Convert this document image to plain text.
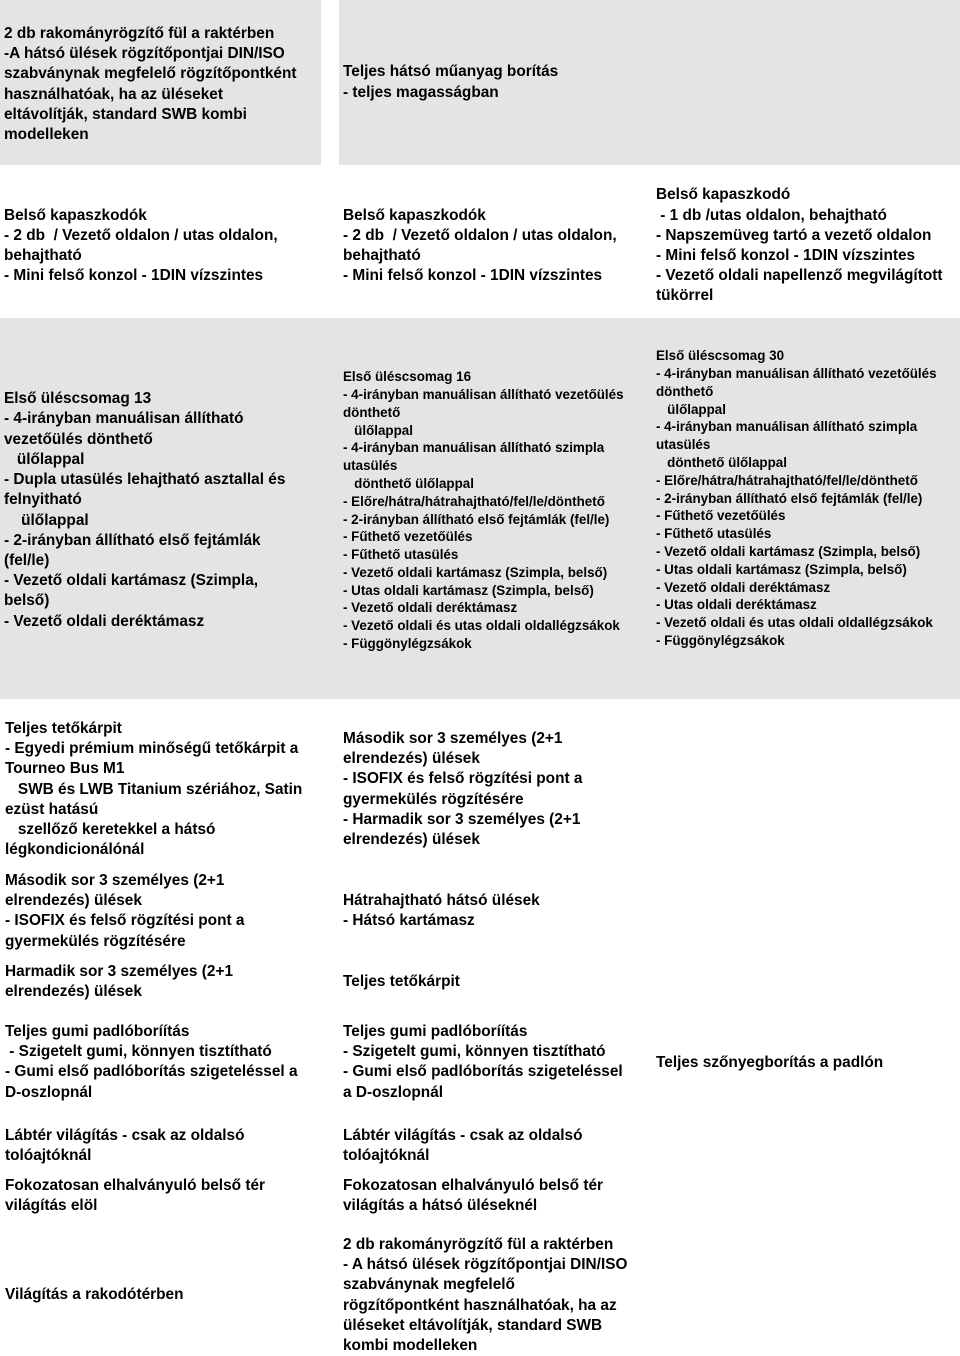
2 db rakományrögzítő fül a raktérben
-A hátsó ülések rögzítőpontjai DIN/ISO
szabványnak megfelelő rögzítőpontként
használhatóak, ha az üléseket
eltávolítják, standard SWB kombi
modelleken
Teljes hátsó műanyag borítás
- teljes magasságban
Belső kapaszkodók
- 2 db  / Vezető oldalon / utas oldalon,
behajtható
- Mini felső konzol - 1DIN vízszintes
Belső kapaszkodók
- 2 db  / Vezető oldalon / utas oldalon,
behajtható
- Mini felső konzol - 1DIN vízszintes
Belső kapaszkodó
- 1 db /utas oldalon, behajtható
- Napszemüveg tartó a vezető oldalon
- Mini felső konzol - 1DIN vízszintes
- Vezető oldali napellenző megvilágított
tükörrel
Első üléscsomag 13
- 4-irányban manuálisan állítható
vezetőülés dönthető
ülőlappal
- Dupla utasülés lehajtható asztallal és
felnyitható
ülőlappal
- 2-irányban állítható első fejtámlák
(fel/le)
- Vezető oldali kartámasz (Szimpla,
belső)
- Vezető oldali deréktámasz
Első üléscsomag 16
- 4-irányban manuálisan állítható vezetőülés
dönthető
ülőlappal
- 4-irányban manuálisan állítható szimpla
utasülés
dönthető ülőlappal
- Előre/hátra/hátrahajtható/fel/le/dönthető
- 2-irányban állítható első fejtámlák (fel/le)
- Fűthető vezetőülés
- Fűthető utasülés
- Vezető oldali kartámasz (Szimpla, belső)
- Utas oldali kartámasz (Szimpla, belső)
- Vezető oldali deréktámasz
- Vezető oldali és utas oldali oldallégzsákok
- Függönylégzsákok
Első üléscsomag 30
- 4-irányban manuálisan állítható vezetőülés
dönthető
ülőlappal
- 4-irányban manuálisan állítható szimpla
utasülés
dönthető ülőlappal
- Előre/hátra/hátrahajtható/fel/le/dönthető
- 2-irányban állítható első fejtámlák (fel/le)
- Fűthető vezetőülés
- Fűthető utasülés
- Vezető oldali kartámasz (Szimpla, belső)
- Utas oldali kartámasz (Szimpla, belső)
- Vezető oldali deréktámasz
- Utas oldali deréktámasz
- Vezető oldali és utas oldali oldallégzsákok
- Függönylégzsákok
Teljes tetőkárpit
- Egyedi prémium minőségű tetőkárpit a
Tourneo Bus M1
SWB és LWB Titanium szériához, Satin
ezüst hatású
szellőző keretekkel a hátsó
légkondicionálónál
Második sor 3 személyes (2+1
elrendezés) ülések
- ISOFIX és felső rögzítési pont a
gyermekülés rögzítésére
Harmadik sor 3 személyes (2+1
elrendezés) ülések
Teljes gumi padlóboríítás
- Szigetelt gumi, könnyen tisztítható
- Gumi első padlóborítás szigeteléssel a
D-oszlopnál
Lábtér világítás - csak az oldalsó
tolóajtóknál
Fokozatosan elhalványuló belső tér
világítás elöl
Világítás a rakodótérben
Második sor 3 személyes (2+1
elrendezés) ülések
- ISOFIX és felső rögzítési pont a
gyermekülés rögzítésére
- Harmadik sor 3 személyes (2+1
elrendezés) ülések
Hátrahajtható hátsó ülések
- Hátsó kartámasz
Teljes tetőkárpit
Teljes gumi padlóboríítás
- Szigetelt gumi, könnyen tisztítható
- Gumi első padlóborítás szigeteléssel
a D-oszlopnál
Lábtér világítás - csak az oldalsó
tolóajtóknál
Fokozatosan elhalványuló belső tér
világítás a hátsó üléseknél
2 db rakományrögzítő fül a raktérben
- A hátsó ülések rögzítőpontjai DIN/ISO
szabványnak megfelelő
rögzítőpontként használhatóak, ha az
üléseket eltávolítják, standard SWB
kombi modelleken
Teljes szőnyegborítás a padlón
